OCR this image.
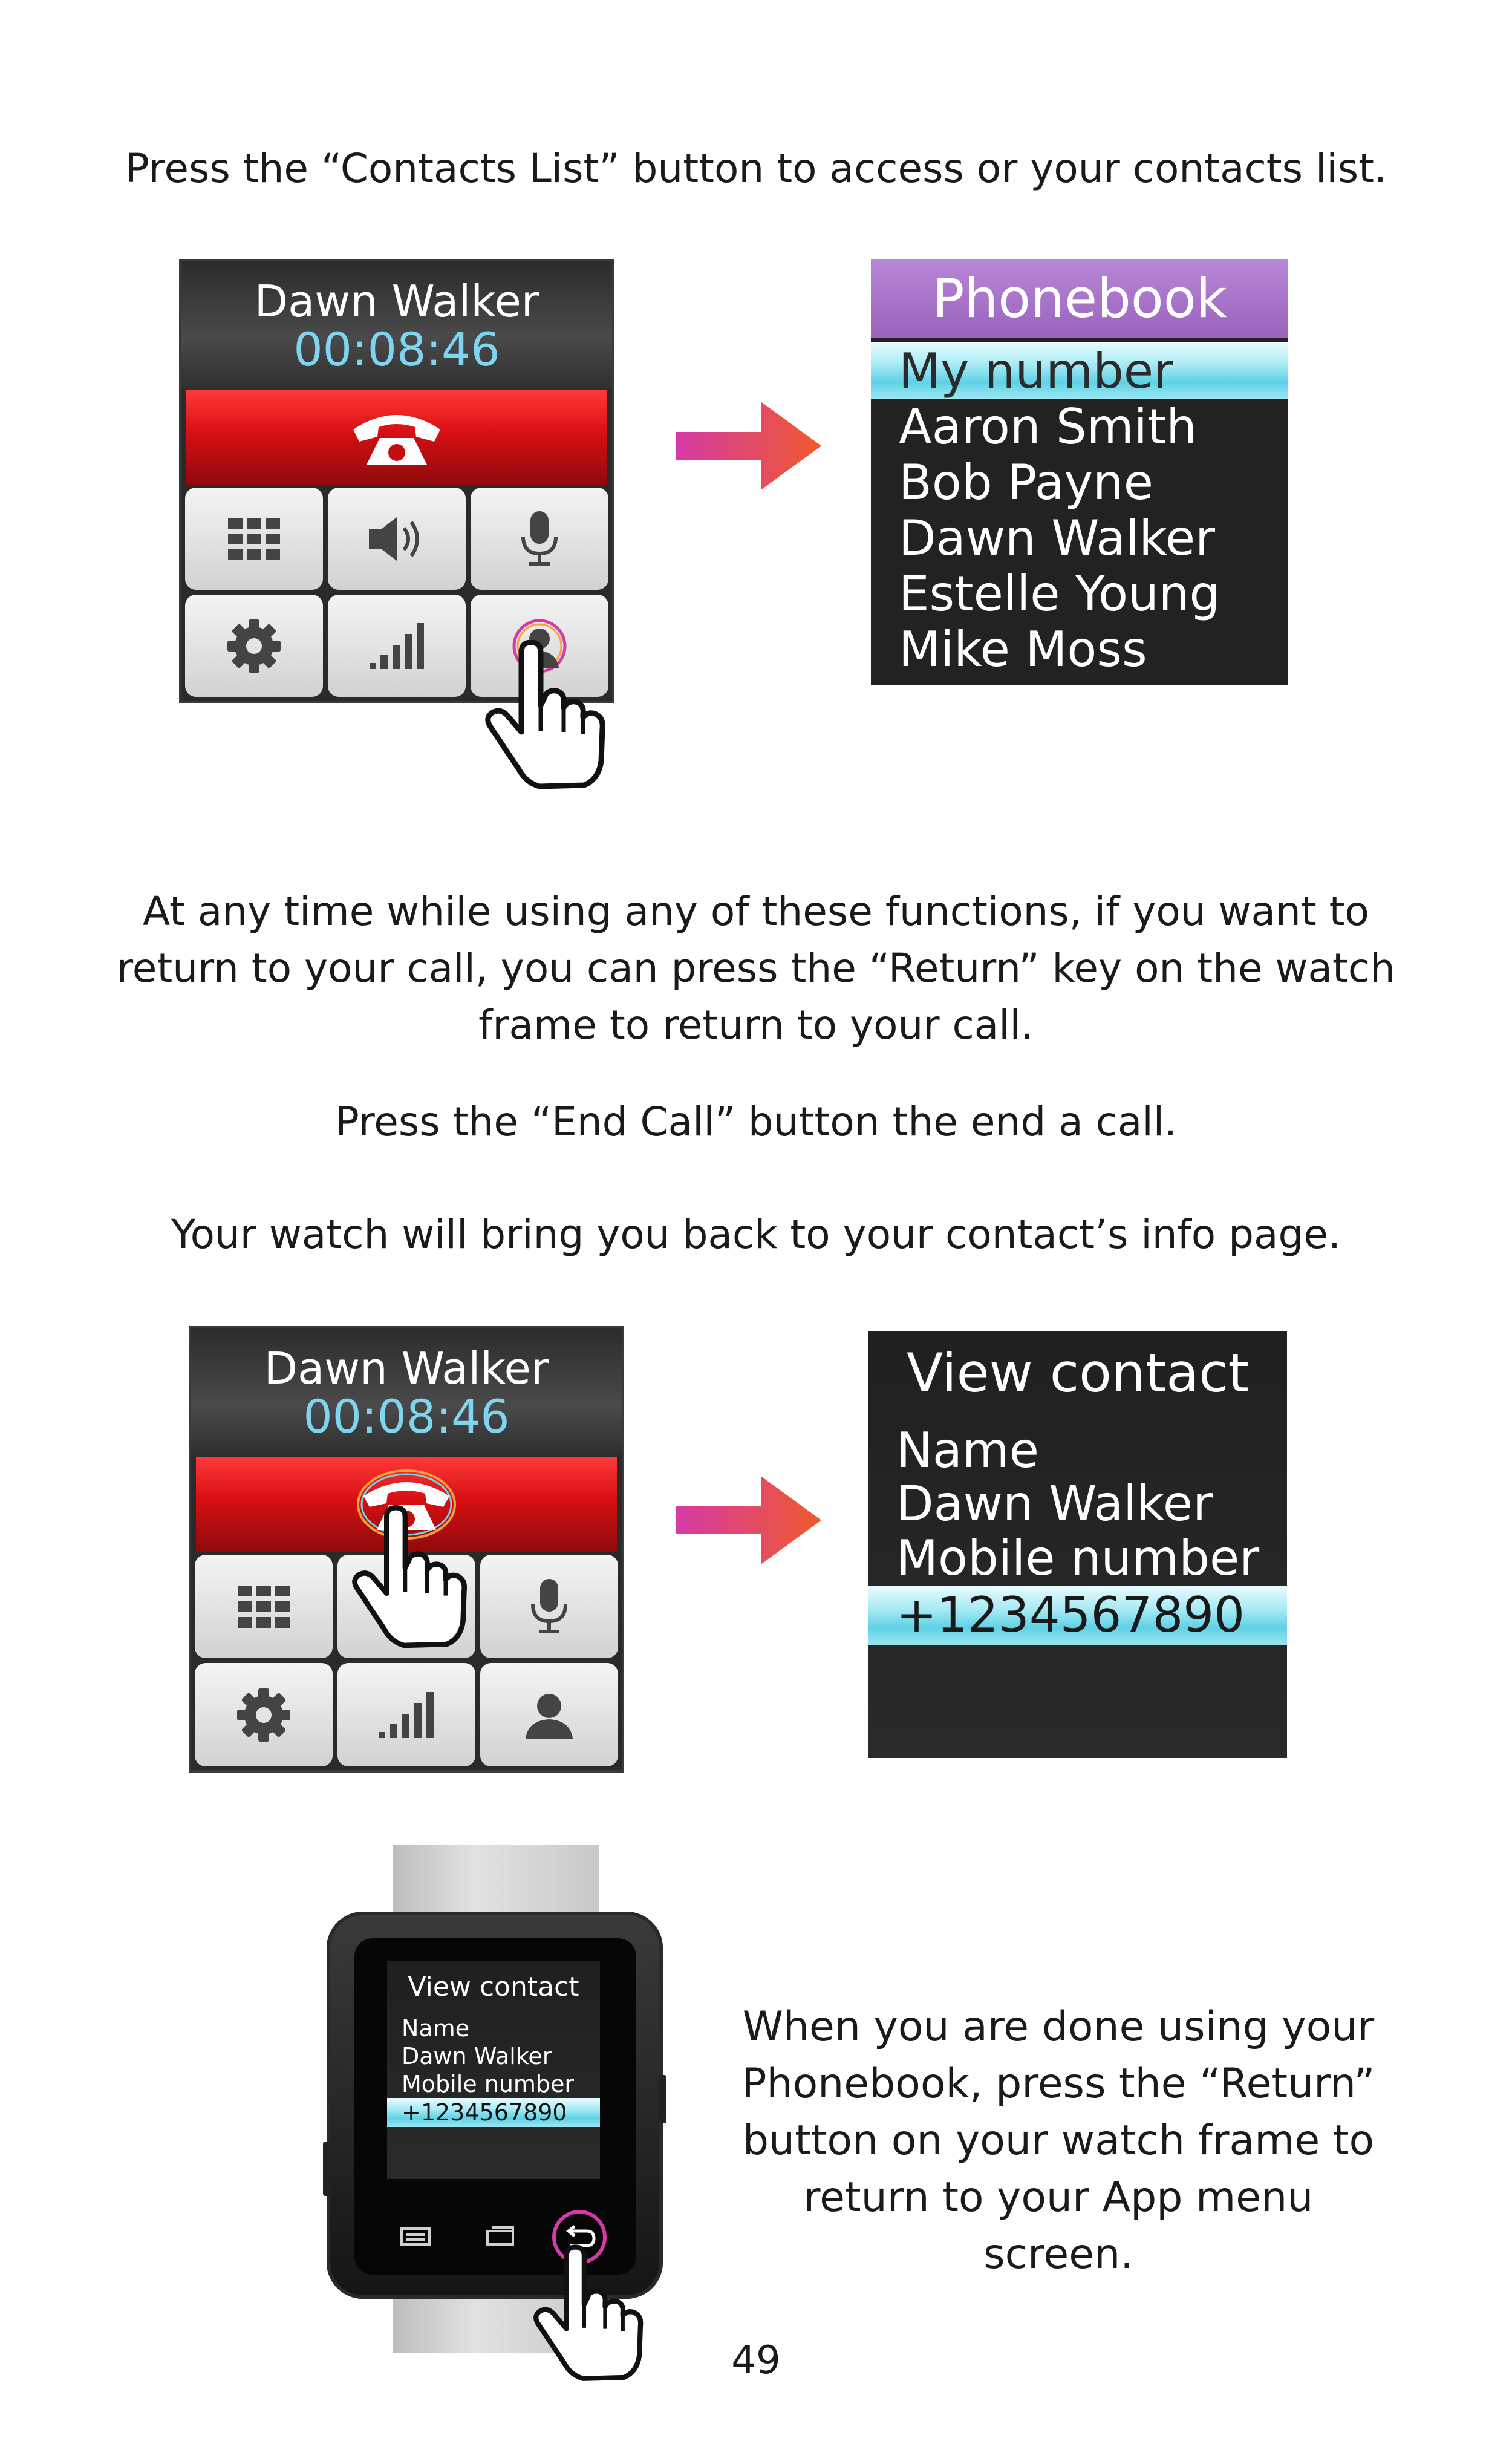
Press the “Contacts List” button to access or your contacts list.

Dawn Walker
00:08:46
Phonebook
My number
Aaron Smith
Bob Payne
Dawn Walker
Estelle Young
Mike Moss

At any time while using any of these functions, if you want to

return to your call, you can press the “Return” key on the watch

frame to return to your call.

Press the “End Call” button the end a call.

Your watch will bring you back to your contact’s info page.

Dawn Walker
00:08:46
View contact
Name
Dawn Walker
Mobile number
+1234567890
View contact
Name
Dawn Walker
Mobile number
+1234567890

When you are done using your

Phonebook, press the “Return”

button on your watch frame to

return to your App menu screen.

49
